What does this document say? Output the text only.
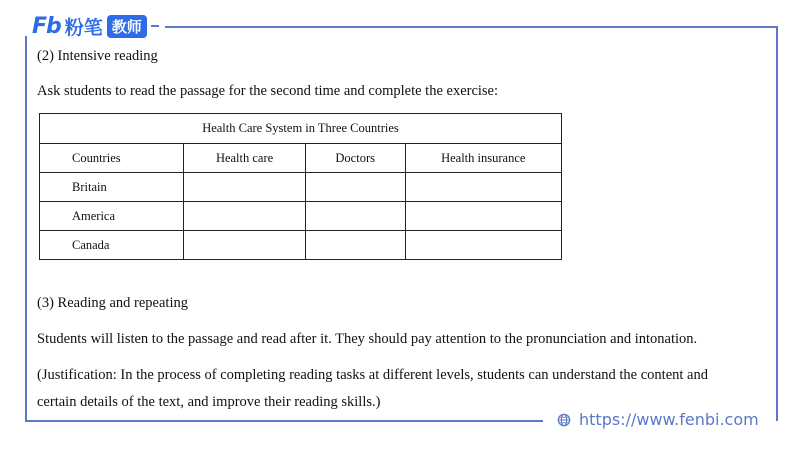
Fb 粉笔 教师
(2) Intensive reading
Ask students to read the passage for the second time and complete the exercise:
Health Care System in Three Countries			
Countries	Health care	Doctors	Health insurance
Britain			
America			
Canada			
(3) Reading and repeating
Students will listen to the passage and read after it. They should pay attention to the pronunciation and intonation.
(Justification: In the process of completing reading tasks at different levels, students can understand the content and
certain details of the text, and improve their reading skills.)
https://www.fenbi.com
